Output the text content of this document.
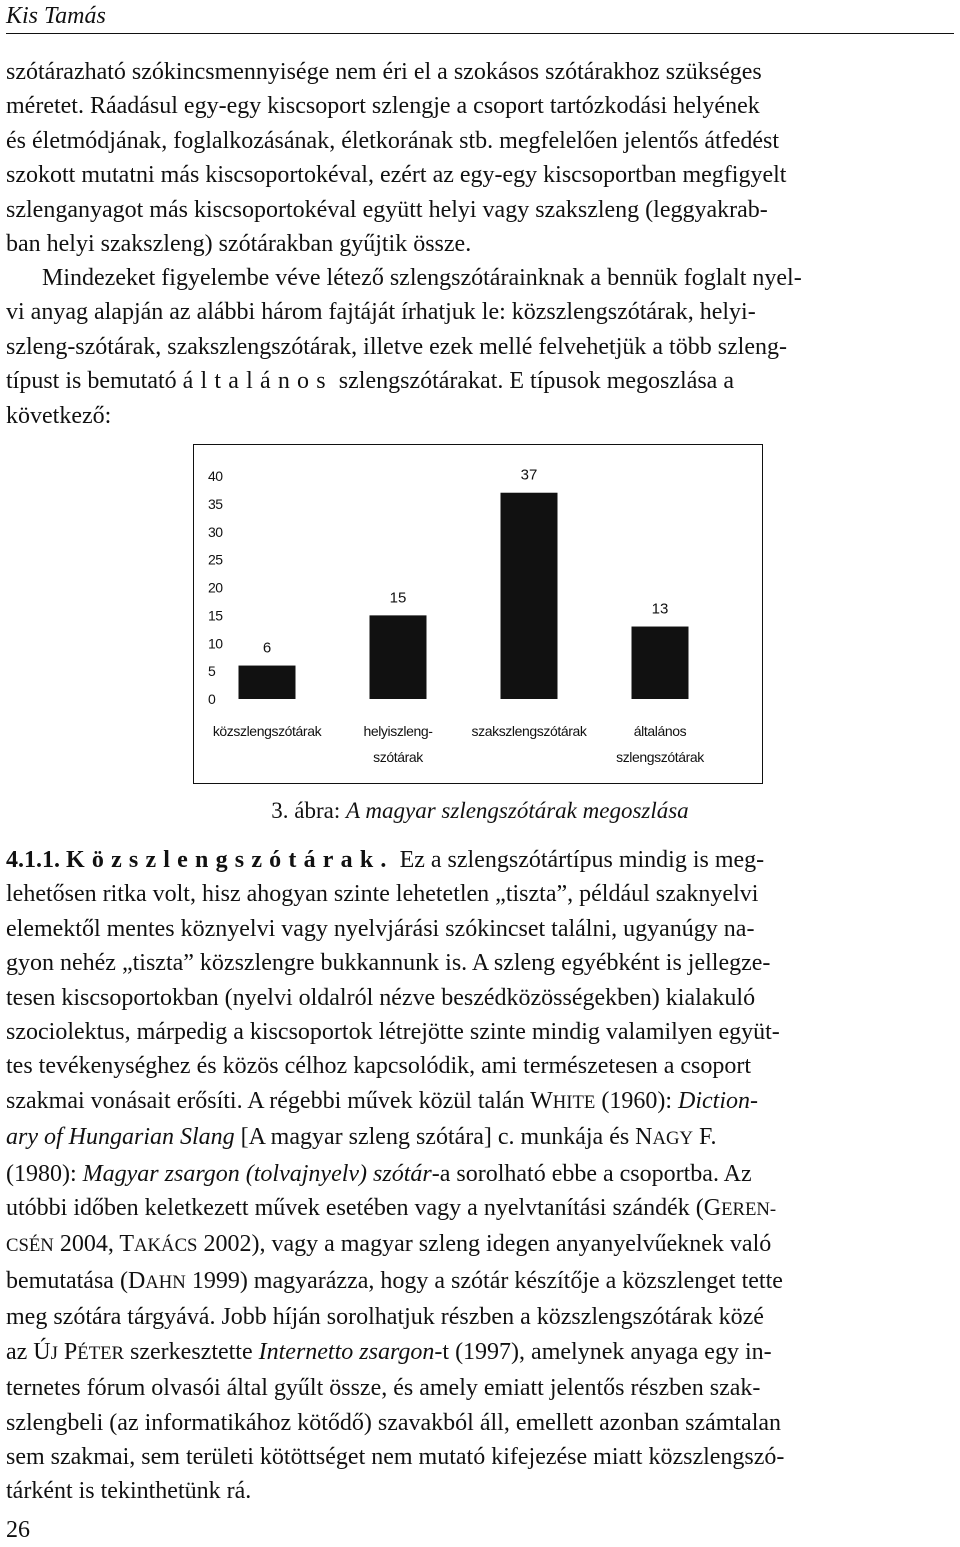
Kis Tamás
szótárazható szókincsmennyisége nem éri el a szokásos szótárakhoz szükséges
méretet. Ráadásul egy-egy kiscsoport szlengje a csoport tartózkodási helyének
és életmódjának, foglalkozásának, életkorának stb. megfelelően jelentős átfedést
szokott mutatni más kiscsoportokéval, ezért az egy-egy kiscsoportban megfigyelt
szlenganyagot más kiscsoportokéval együtt helyi vagy szakszleng (leggyakrab-
ban helyi szakszleng) szótárakban gyűjtik össze.
Mindezeket figyelembe véve létező szlengszótárainknak a bennük foglalt nyel-
vi anyag alapján az alábbi három fajtáját írhatjuk le: közszlengszótárak, helyi-
szleng-szótárak, szakszlengszótárak, illetve ezek mellé felvehetjük a több szleng-
típust is bemutató általános szlengszótárakat. E típusok megoszlása a
következő:
0
5
10
15
20
25
30
35
40
6
közszlengszótárak
15
helyiszleng-
szótárak
37
szakszlengszótárak
13
általános
szlengszótárak
3. ábra: A magyar szlengszótárak megoszlása
4.1.1. Közszlengszótárak. Ez a szlengszótártípus mindig is meg-
lehetősen ritka volt, hisz ahogyan szinte lehetetlen „tiszta”, például szaknyelvi
elemektől mentes köznyelvi vagy nyelvjárási szókincset találni, ugyanúgy na-
gyon nehéz „tiszta” közszlengre bukkannunk is. A szleng egyébként is jellegze-
tesen kiscsoportokban (nyelvi oldalról nézve beszédközösségekben) kialakuló
szociolektus, márpedig a kiscsoportok létrejötte szinte mindig valamilyen együt-
tes tevékenységhez és közös célhoz kapcsolódik, ami természetesen a csoport
szakmai vonásait erősíti. A régebbi művek közül talán WHITE (1960): Diction-
ary of Hungarian Slang [A magyar szleng szótára] c. munkája és NAGY F.
(1980): Magyar zsargon (tolvajnyelv) szótár-a sorolható ebbe a csoportba. Az
utóbbi időben keletkezett művek esetében vagy a nyelvtanítási szándék (GEREN-
CSÉN 2004, TAKÁCS 2002), vagy a magyar szleng idegen anyanyelvűeknek való
bemutatása (DAHN 1999) magyarázza, hogy a szótár készítője a közszlenget tette
meg szótára tárgyává. Jobb híján sorolhatjuk részben a közszlengszótárak közé
az ÚJ PÉTER szerkesztette Internetto zsargon-t (1997), amelynek anyaga egy in-
ternetes fórum olvasói által gyűlt össze, és amely emiatt jelentős részben szak-
szlengbeli (az informatikához kötődő) szavakból áll, emellett azonban számtalan
sem szakmai, sem területi kötöttséget nem mutató kifejezése miatt közszlengszó-
tárként is tekinthetünk rá.
26
